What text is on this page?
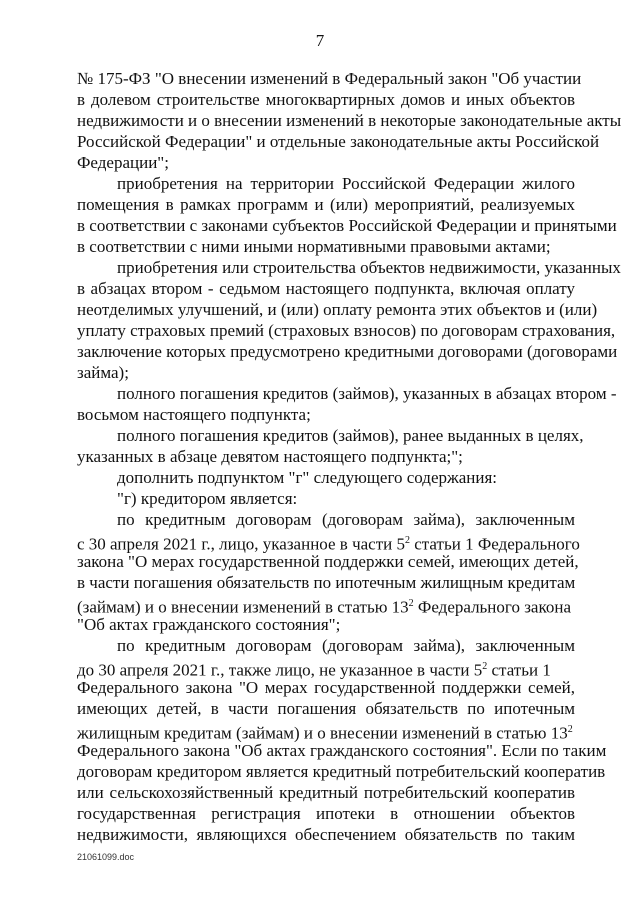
7
№ 175-ФЗ "О внесении изменений в Федеральный закон "Об участии
в долевом строительстве многоквартирных домов и иных объектов
недвижимости и о внесении изменений в некоторые законодательные акты
Российской Федерации" и отдельные законодательные акты Российской
Федерации";
приобретения на территории Российской Федерации жилого
помещения в рамках программ и (или) мероприятий, реализуемых
в соответствии с законами субъектов Российской Федерации и принятыми
в соответствии с ними иными нормативными правовыми актами;
приобретения или строительства объектов недвижимости, указанных
в абзацах втором - седьмом настоящего подпункта, включая оплату
неотделимых улучшений, и (или) оплату ремонта этих объектов и (или)
уплату страховых премий (страховых взносов) по договорам страхования,
заключение которых предусмотрено кредитными договорами (договорами
займа);
полного погашения кредитов (займов), указанных в абзацах втором -
восьмом настоящего подпункта;
полного погашения кредитов (займов), ранее выданных в целях,
указанных в абзаце девятом настоящего подпункта;";
дополнить подпунктом "г" следующего содержания:
"г) кредитором является:
по кредитным договорам (договорам займа), заключенным
с 30 апреля 2021 г., лицо, указанное в части $5^2$ статьи 1 Федерального
закона "О мерах государственной поддержки семей, имеющих детей,
в части погашения обязательств по ипотечным жилищным кредитам
(займам) и о внесении изменений в статью $13^2$ Федерального закона
"Об актах гражданского состояния";
по кредитным договорам (договорам займа), заключенным
до 30 апреля 2021 г., также лицо, не указанное в части $5^2$ статьи 1
Федерального закона "О мерах государственной поддержки семей,
имеющих детей, в части погашения обязательств по ипотечным
жилищным кредитам (займам) и о внесении изменений в статью $13^2$
Федерального закона "Об актах гражданского состояния". Если по таким
договорам кредитором является кредитный потребительский кооператив
или сельскохозяйственный кредитный потребительский кооператив
государственная регистрация ипотеки в отношении объектов
недвижимости, являющихся обеспечением обязательств по таким
21061099.doc
